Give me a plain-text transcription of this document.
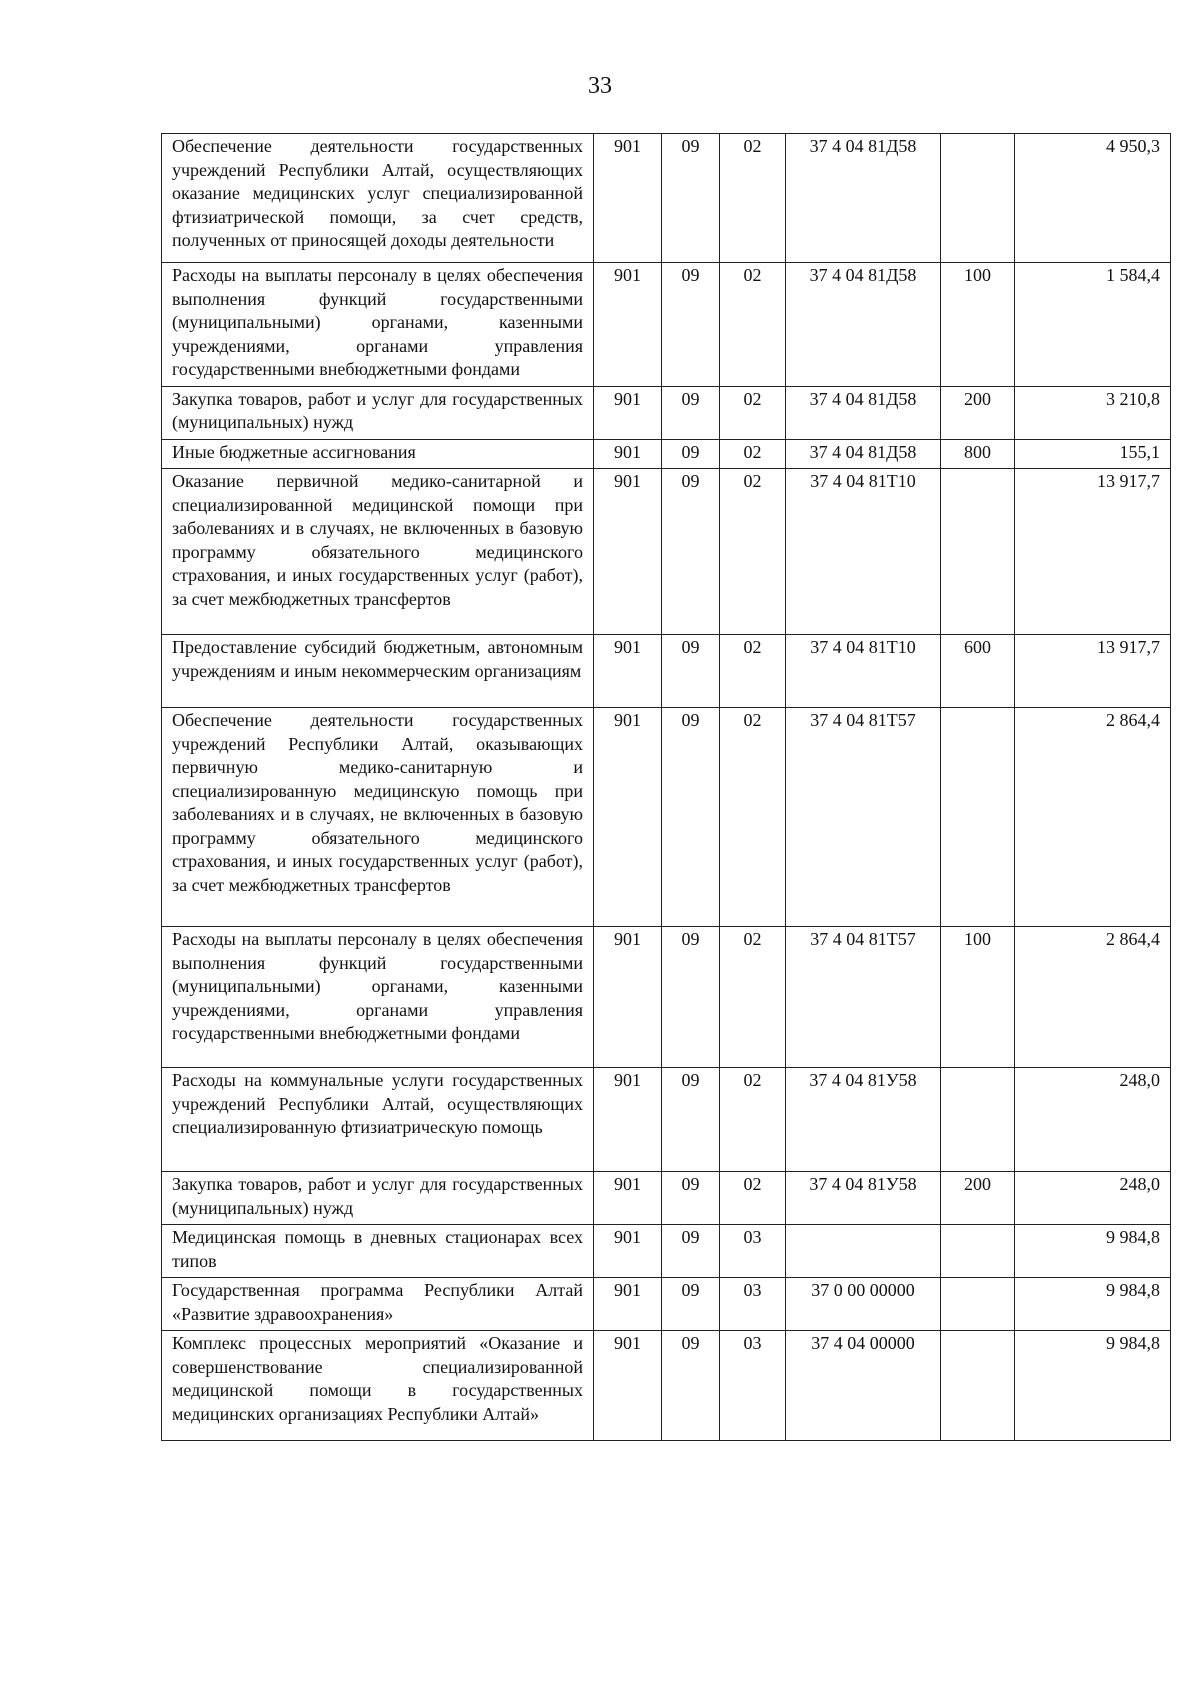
33
Обеспечение деятельности государственных учреждений Республики Алтай, осуществляющих оказание медицинских услуг специализированной фтизиатрической помощи, за счет средств, полученных от приносящей доходы деятельности	901	09	02	37 4 04 81Д58		4 950,3
Расходы на выплаты персоналу в целях обеспечения выполнения функций государственными (муниципальными) органами, казенными учреждениями, органами управления государственными внебюджетными фондами	901	09	02	37 4 04 81Д58	100	1 584,4
Закупка товаров, работ и услуг для государственных (муниципальных) нужд	901	09	02	37 4 04 81Д58	200	3 210,8
Иные бюджетные ассигнования	901	09	02	37 4 04 81Д58	800	155,1
Оказание первичной медико-санитарной и специализированной медицинской помощи при заболеваниях и в случаях, не включенных в базовую программу обязательного медицинского страхования, и иных государственных услуг (работ), за счет межбюджетных трансфертов	901	09	02	37 4 04 81Т10		13 917,7
Предоставление субсидий бюджетным, автономным учреждениям и иным некоммерческим организациям	901	09	02	37 4 04 81Т10	600	13 917,7
Обеспечение деятельности государственных учреждений Республики Алтай, оказывающих первичную медико-санитарную и специализированную медицинскую помощь при заболеваниях и в случаях, не включенных в базовую программу обязательного медицинского страхования, и иных государственных услуг (работ), за счет межбюджетных трансфертов	901	09	02	37 4 04 81Т57		2 864,4
Расходы на выплаты персоналу в целях обеспечения выполнения функций государственными (муниципальными) органами, казенными учреждениями, органами управления государственными внебюджетными фондами	901	09	02	37 4 04 81Т57	100	2 864,4
Расходы на коммунальные услуги государственных учреждений Республики Алтай, осуществляющих специализированную фтизиатрическую помощь	901	09	02	37 4 04 81У58		248,0
Закупка товаров, работ и услуг для государственных (муниципальных) нужд	901	09	02	37 4 04 81У58	200	248,0
Медицинская помощь в дневных стационарах всех типов	901	09	03			9 984,8
Государственная программа Республики Алтай «Развитие здравоохранения»	901	09	03	37 0 00 00000		9 984,8
Комплекс процессных мероприятий «Оказание и совершенствование специализированной медицинской помощи в государственных медицинских организациях Республики Алтай»	901	09	03	37 4 04 00000		9 984,8
